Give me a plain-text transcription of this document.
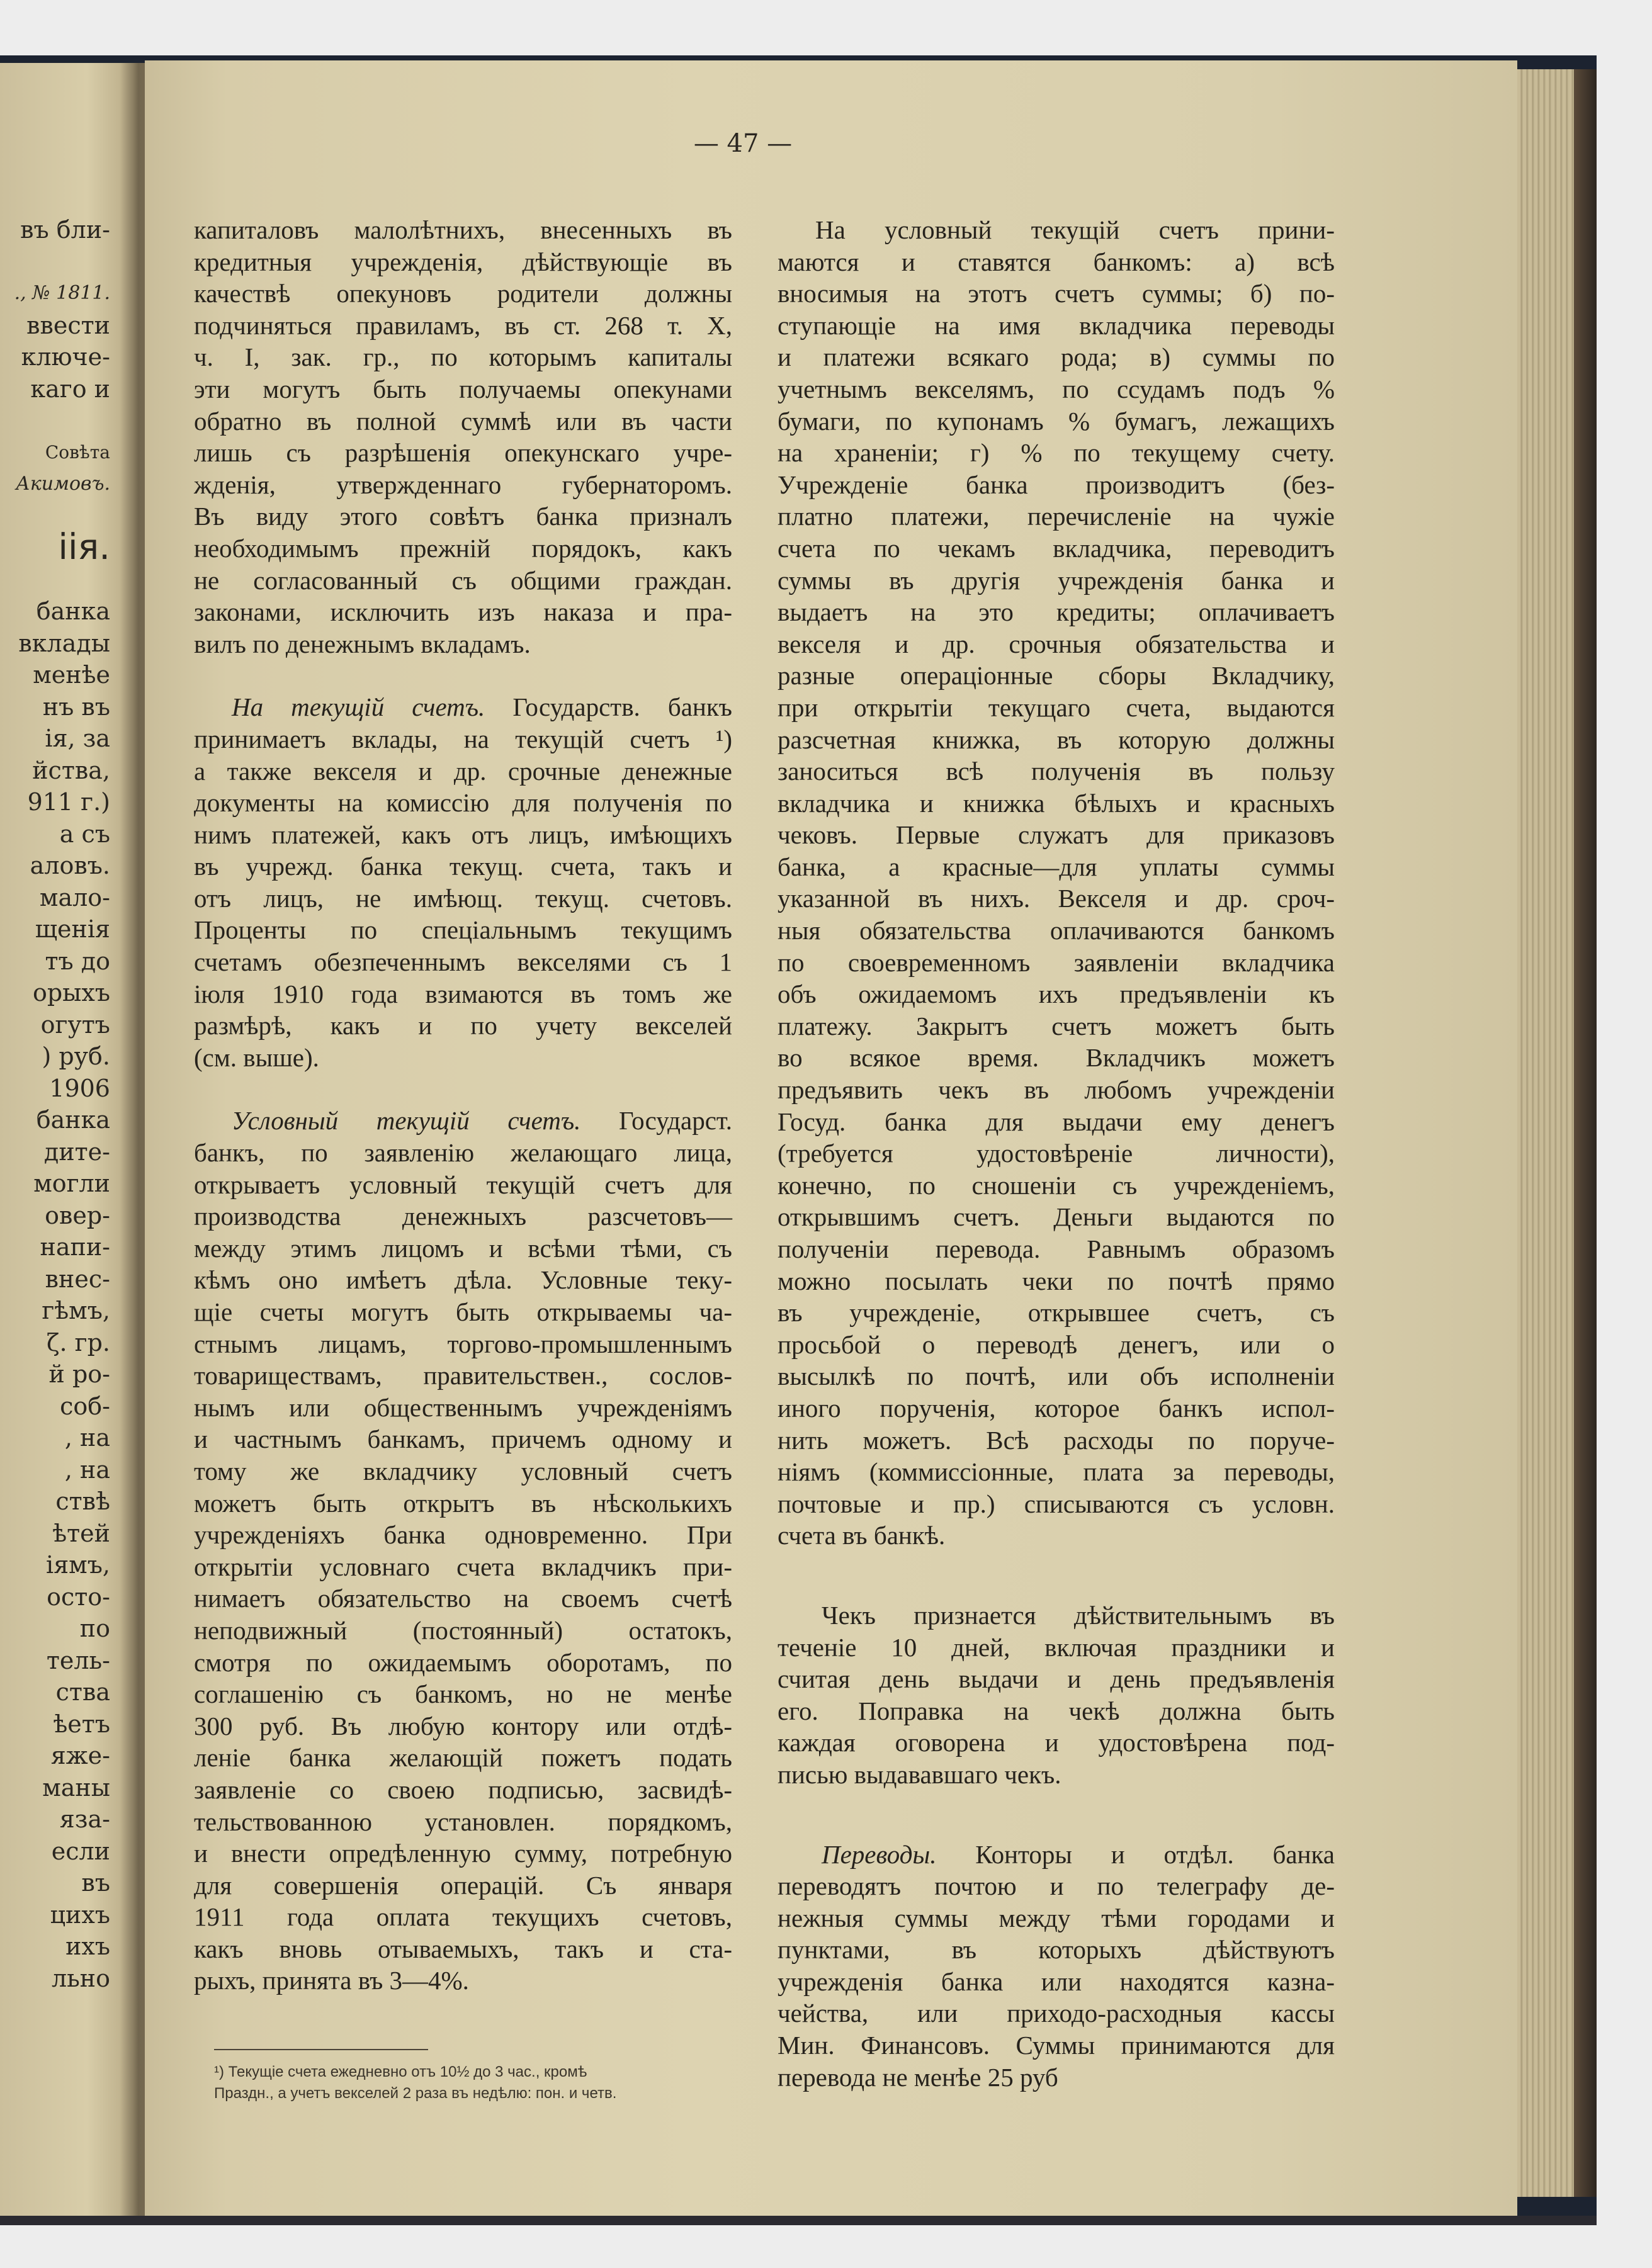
въ бли-
., № 1811.
ввести
ключе-
каго и
Совѣта
Акимовъ.
іія.
банка
вклады
менѣе
нъ въ
ія, за
йства,
911 г.)
а съ
аловъ.
мало-
щенія
тъ до
орыхъ
огутъ
) руб.
1906
банка
дите-
могли
овер-
напи-
внес-
гѣмъ,
ζ. гр.
й ро-
соб-
, на
, на
ствѣ
ѣтей
іямъ,
осто-
по
тель-
ства
ѣетъ
яже-
маны
язa-
если
въ
цихъ
ихъ
льно
— 47 —

капиталовъ малолѣтнихъ, внесенныхъ въ
кредитныя учрежденія, дѣйствующіе въ
качествѣ опекуновъ родители должны
подчиняться правиламъ, въ ст. 268 т. X,
ч. I, зак. гр., по которымъ капиталы
эти могутъ быть получаемы опекунами
обратно въ полной суммѣ или въ части
лишь съ разрѣшенія опекунскаго учре-
жденія, утвержденнаго губернаторомъ.
Въ виду этого совѣтъ банка призналъ
необходимымъ прежній порядокъ, какъ
не согласованный съ общими граждан.
законами, исключить изъ наказа и пра-
вилъ по денежнымъ вкладамъ.

На текущій счетъ. Государств. банкъ
принимаетъ вклады, на текущій счетъ ¹)
а также векселя и др. срочные денежные
документы на комиссію для полученія по
нимъ платежей, какъ отъ лицъ, имѣющихъ
въ учрежд. банка текущ. счета, такъ и
отъ лицъ, не имѣющ. текущ. счетовъ.
Проценты по спеціальнымъ текущимъ
счетамъ обезпеченнымъ векселями съ 1
іюля 1910 года взимаются въ томъ же
размѣрѣ, какъ и по учету векселей
(см. выше).

Условный текущій счетъ. Государст.
банкъ, по заявленію желающаго лица,
открываетъ условный текущій счетъ для
производства денежныхъ разсчетовъ—
между этимъ лицомъ и всѣми тѣми, съ
кѣмъ оно имѣетъ дѣла. Условные теку-
щіе счеты могутъ быть открываемы ча-
стнымъ лицамъ, торгово-промышленнымъ
товариществамъ, правительствен., сослов-
нымъ или общественнымъ учрежденіямъ
и частнымъ банкамъ, причемъ одному и
тому же вкладчику условный счетъ
можетъ быть открытъ въ нѣсколькихъ
учрежденіяхъ банка одновременно. При
открытіи условнаго счета вкладчикъ при-
нимаетъ обязательство на своемъ счетѣ
неподвижный (постоянный) остатокъ,
смотря по ожидаемымъ оборотамъ, по
соглашенію съ банкомъ, но не менѣе
300 руб. Въ любую контору или отдѣ-
леніе банка желающій пожетъ подать
заявленіе со своею подписью, засвидѣ-
тельствованною установлен. порядкомъ,
и внести опредѣленную сумму, потребную
для совершенія операцій. Съ января
1911 года оплата текущихъ счетовъ,
какъ вновь отываемыхъ, такъ и ста-
рыхъ, принята въ 3—4%.

На условный текущій счетъ прини-
маются и ставятся банкомъ: а) всѣ
вносимыя на этотъ счетъ суммы; б) по-
ступающіе на имя вкладчика переводы
и платежи всякаго рода; в) суммы по
учетнымъ векселямъ, по ссудамъ подъ %
бумаги, по купонамъ % бумагъ, лежащихъ
на храненіи; г) % по текущему счету.
Учрежденіе банка производитъ (без-
платно платежи, перечисленіе на чужіе
счета по чекамъ вкладчика, переводитъ
суммы въ другія учрежденія банка и
выдаетъ на это кредиты; оплачиваетъ
векселя и др. срочныя обязательства и
разные операціонные сборы Вкладчику,
при открытіи текущаго счета, выдаются
разсчетная книжка, въ которую должны
заноситься всѣ полученія въ пользу
вкладчика и книжка бѣлыхъ и красныхъ
чековъ. Первые служатъ для приказовъ
банка, а красные—для уплаты суммы
указанной въ нихъ. Векселя и др. сроч-
ныя обязательства оплачиваются банкомъ
по своевременномъ заявленіи вкладчика
объ ожидаемомъ ихъ предъявленіи къ
платежу. Закрытъ счетъ можетъ быть
во всякое время. Вкладчикъ можетъ
предъявить чекъ въ любомъ учрежденіи
Госуд. банка для выдачи ему денегъ
(требуется удостовѣреніе личности),
конечно, по сношеніи съ учрежденіемъ,
открывшимъ счетъ. Деньги выдаются по
полученіи перевода. Равнымъ образомъ
можно посылать чеки по почтѣ прямо
въ учрежденіе, открывшее счетъ, съ
просьбой о переводѣ денегъ, или о
высылкѣ по почтѣ, или объ исполненіи
иного порученія, которое банкъ испол-
нить можетъ. Всѣ расходы по поруче-
ніямъ (коммиссіонные, плата за переводы,
почтовые и пр.) списываются съ условн.
счета въ банкѣ.

Чекъ признается дѣйствительнымъ въ
теченіе 10 дней, включая праздники и
считая день выдачи и день предъявленія
его. Поправка на чекѣ должна быть
каждая оговорена и удостовѣрена под-
писью выдававшаго чекъ.

Переводы. Конторы и отдѣл. банка
переводятъ почтою и по телеграфу де-
нежныя суммы между тѣми городами и
пунктами, въ которыхъ дѣйствуютъ
учрежденія банка или находятся казна-
чейства, или приходо-расходныя кассы
Мин. Финансовъ. Суммы принимаются для
перевода не менѣе 25 руб

¹) Текущіе счета ежедневно отъ 10½ до 3 час., кромѣ
Праздн., а учетъ векселей 2 раза въ недѣлю: пон. и четв.
